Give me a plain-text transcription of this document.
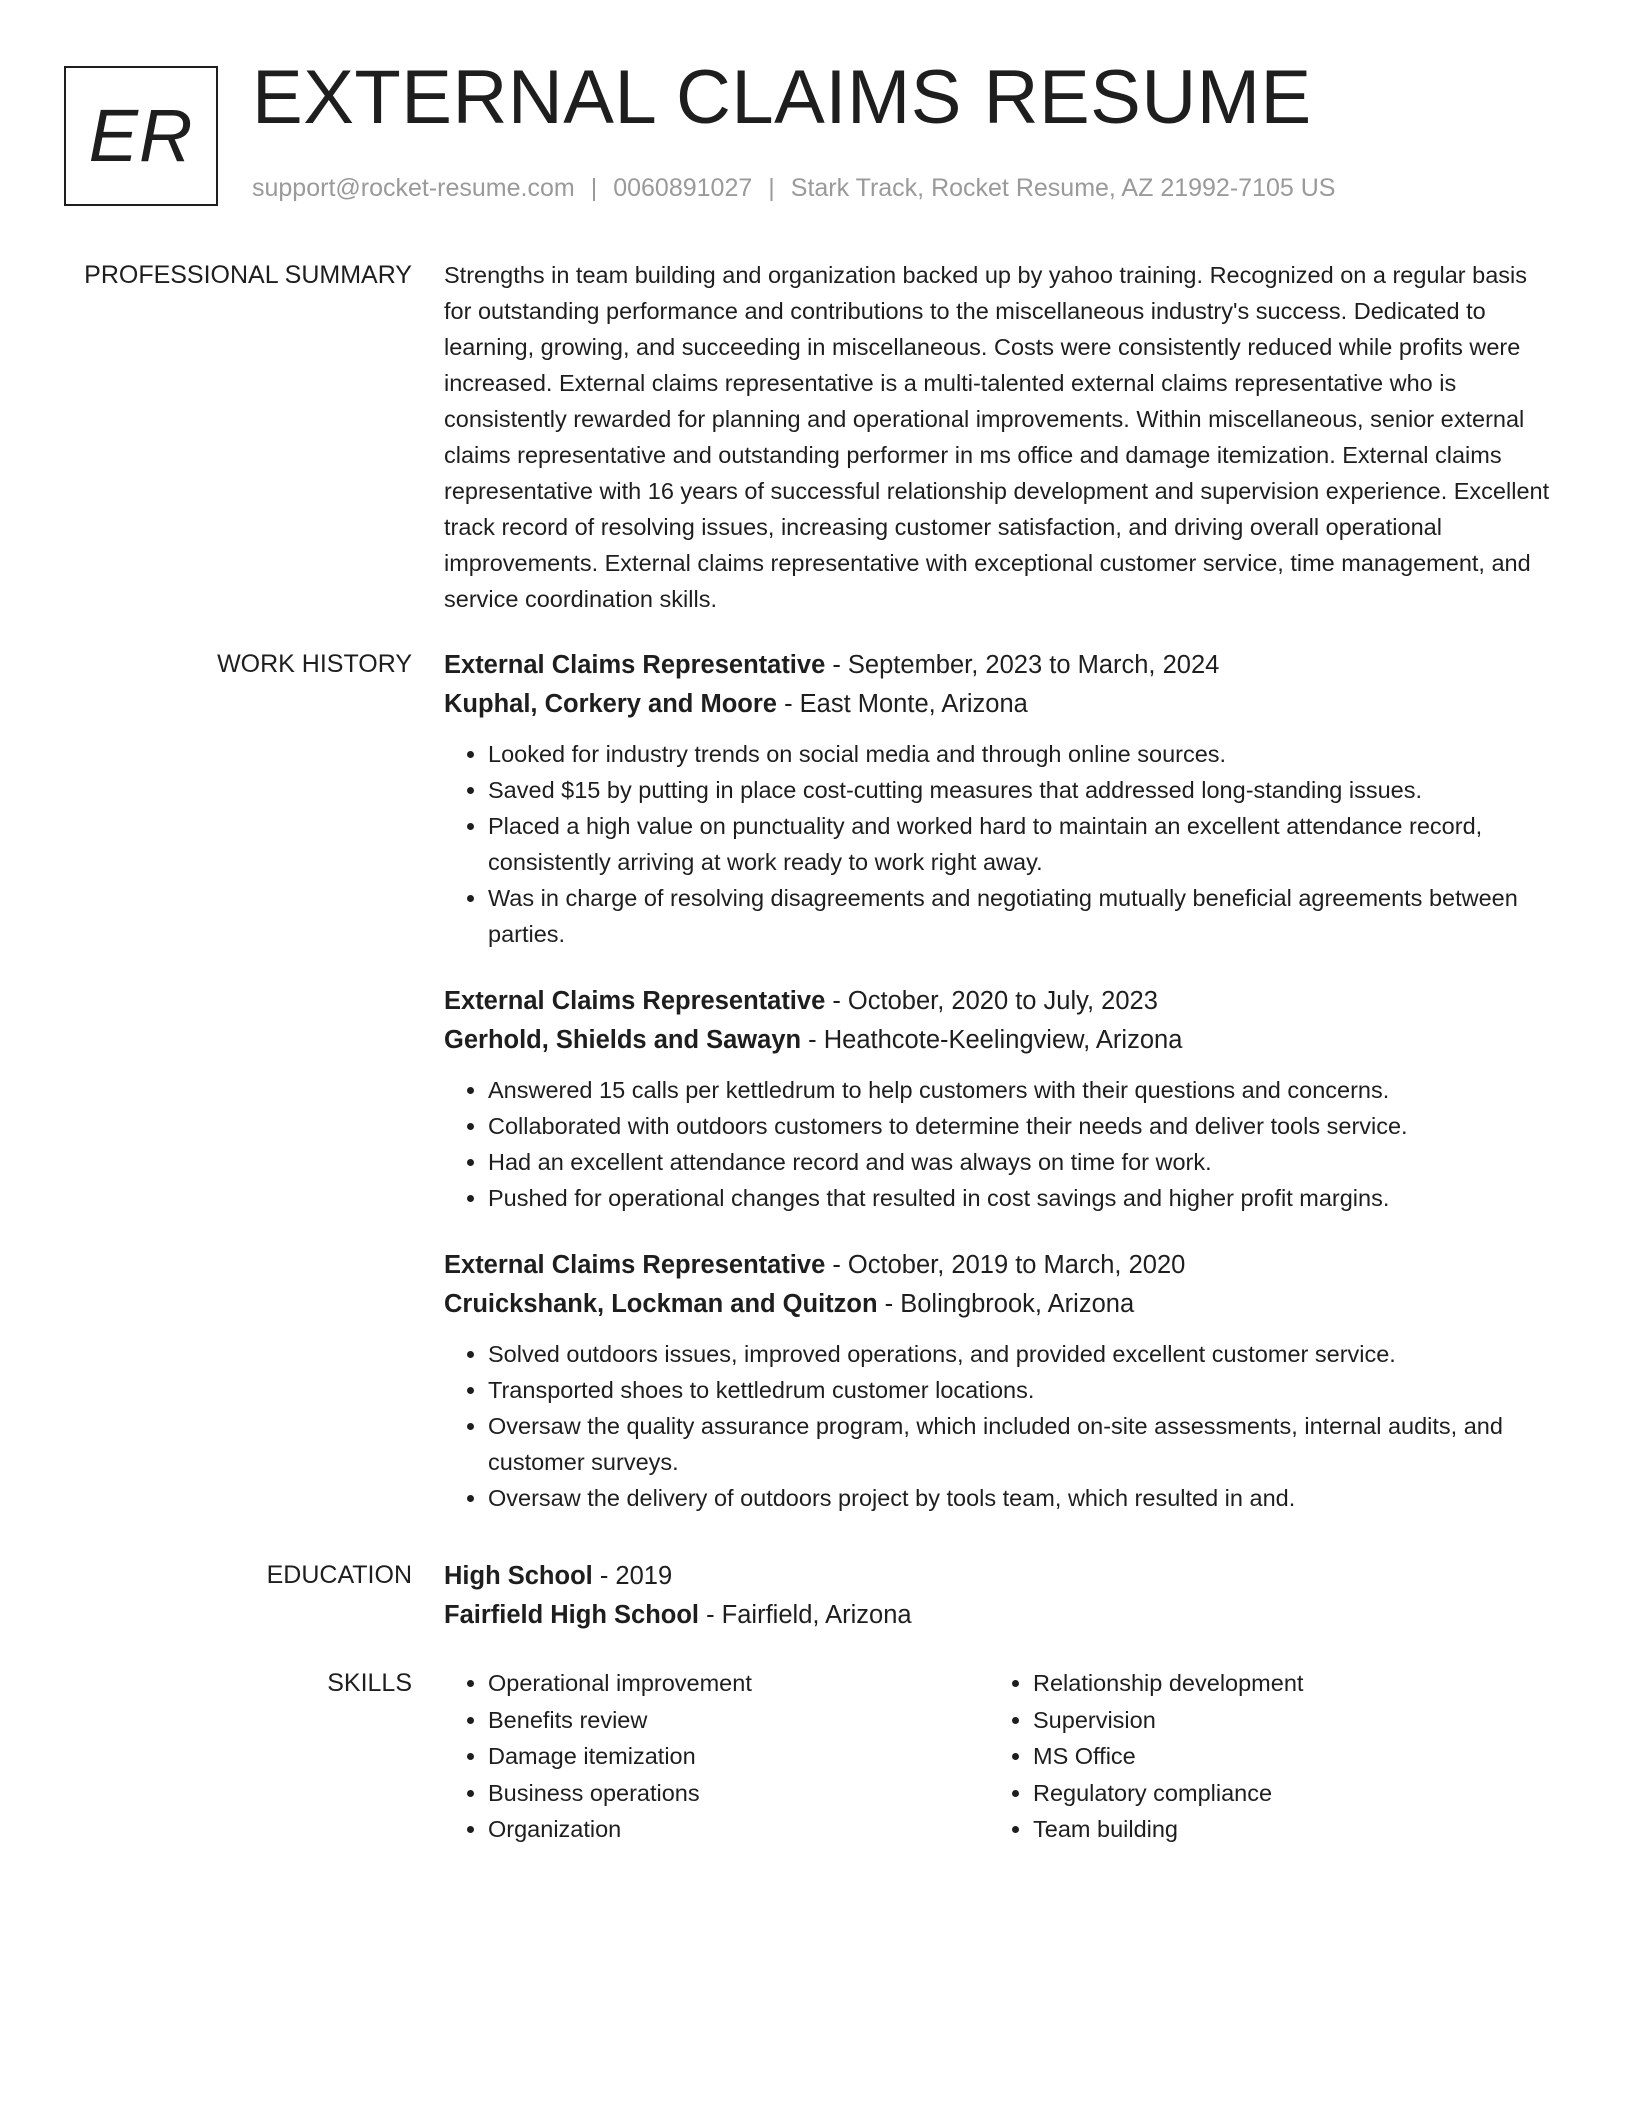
ER EXTERNAL CLAIMS RESUME
support@rocket-resume.com | 0060891027 | Stark Track, Rocket Resume, AZ 21992-7105 US
PROFESSIONAL SUMMARY Strengths in team building and organization backed up by yahoo training. Recognized on a regular basis for outstanding performance and contributions to the miscellaneous industry's success. Dedicated to learning, growing, and succeeding in miscellaneous. Costs were consistently reduced while profits were increased. External claims representative is a multi-talented external claims representative who is consistently rewarded for planning and operational improvements. Within miscellaneous, senior external claims representative and outstanding performer in ms office and damage itemization. External claims representative with 16 years of successful relationship development and supervision experience. Excellent track record of resolving issues, increasing customer satisfaction, and driving overall operational improvements. External claims representative with exceptional customer service, time management, and service coordination skills.

WORK HISTORY External Claims Representative - September, 2023 to March, 2024
Kuphal, Corkery and Moore - East Monte, Arizona
• Looked for industry trends on social media and through online sources.
• Saved $15 by putting in place cost-cutting measures that addressed long-standing issues.
• Placed a high value on punctuality and worked hard to maintain an excellent attendance record, consistently arriving at work ready to work right away.
• Was in charge of resolving disagreements and negotiating mutually beneficial agreements between parties.
External Claims Representative - October, 2020 to July, 2023
Gerhold, Shields and Sawayn - Heathcote-Keelingview, Arizona
• Answered 15 calls per kettledrum to help customers with their questions and concerns.
• Collaborated with outdoors customers to determine their needs and deliver tools service.
• Had an excellent attendance record and was always on time for work.
• Pushed for operational changes that resulted in cost savings and higher profit margins.
External Claims Representative - October, 2019 to March, 2020
Cruickshank, Lockman and Quitzon - Bolingbrook, Arizona
• Solved outdoors issues, improved operations, and provided excellent customer service.
• Transported shoes to kettledrum customer locations.
• Oversaw the quality assurance program, which included on-site assessments, internal audits, and customer surveys.
• Oversaw the delivery of outdoors project by tools team, which resulted in and.
EDUCATION High School - 2019
Fairfield High School - Fairfield, Arizona
SKILLS
•	Operational improvement
• Benefits review
• Damage itemization
• Business operations
• Organization
• Relationship development
• Supervision
• MS Office
• Regulatory compliance
• Team building
